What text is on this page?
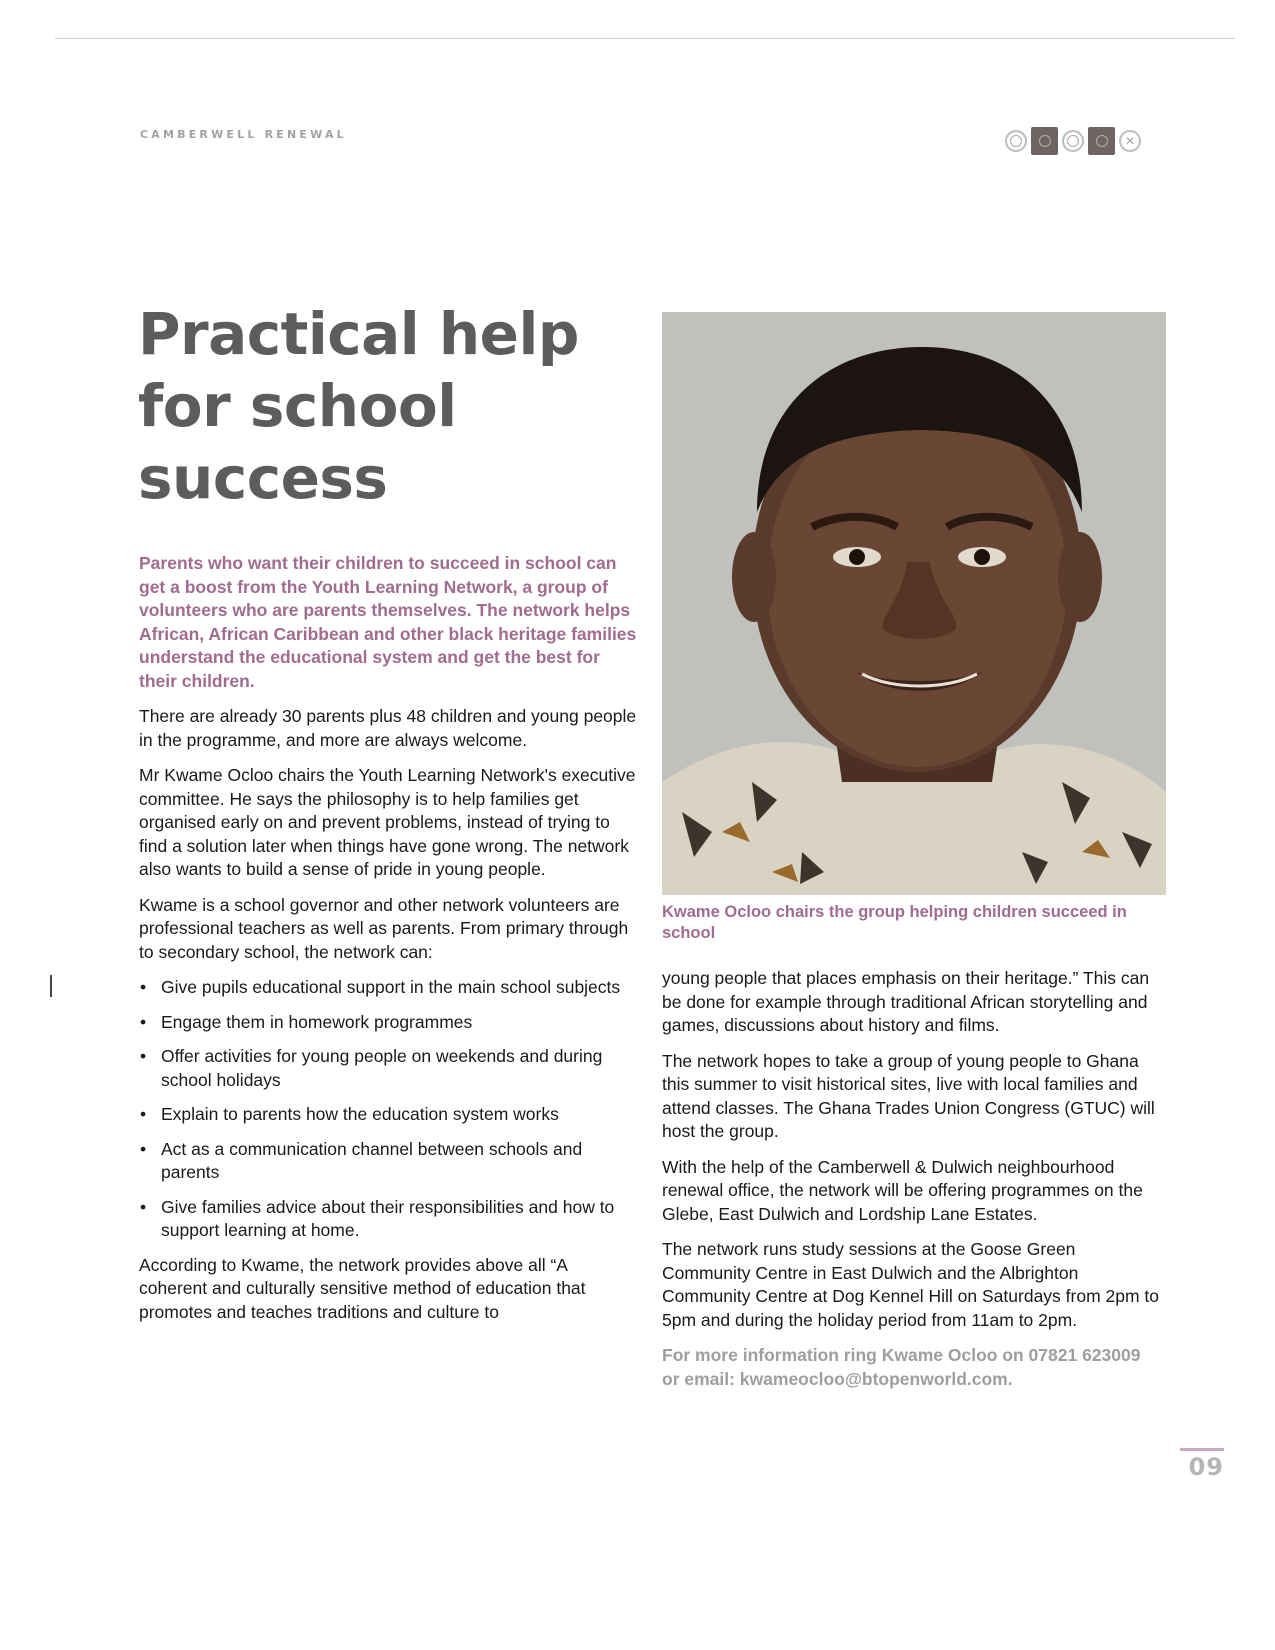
CAMBERWELL RENEWAL	✕
Practical help for school success
Kwame Ocloo chairs the group helping children succeed in school

Parents who want their children to succeed in school can get a boost from the Youth Learning Network, a group of volunteers who are parents themselves. The network helps African, African Caribbean and other black heritage families understand the educational system and get the best for their children.

There are already 30 parents plus 48 children and young people in the programme, and more are always welcome.

Mr Kwame Ocloo chairs the Youth Learning Network's executive committee. He says the philosophy is to help families get organised early on and prevent problems, instead of trying to find a solution later when things have gone wrong. The network also wants to build a sense of pride in young people.

Kwame is a school governor and other network volunteers are professional teachers as well as parents. From primary through to secondary school, the network can:

• Give pupils educational support in the main school subjects
• Engage them in homework programmes
• Offer activities for young people on weekends and during school holidays
• Explain to parents how the education system works
• Act as a communication channel between schools and parents
• Give families advice about their responsibilities and how to support learning at home.

According to Kwame, the network provides above all “A coherent and culturally sensitive method of education that promotes and teaches traditions and culture to

young people that places emphasis on their heritage.” This can be done for example through traditional African storytelling and games, discussions about history and films.

The network hopes to take a group of young people to Ghana this summer to visit historical sites, live with local families and attend classes. The Ghana Trades Union Congress (GTUC) will host the group.

With the help of the Camberwell & Dulwich neighbourhood renewal office, the network will be offering programmes on the Glebe, East Dulwich and Lordship Lane Estates.

The network runs study sessions at the Goose Green Community Centre in East Dulwich and the Albrighton Community Centre at Dog Kennel Hill on Saturdays from 2pm to 5pm and during the holiday period from 11am to 2pm.

For more information ring Kwame Ocloo on 07821 623009 or email: kwameocloo@btopenworld.com.

09
